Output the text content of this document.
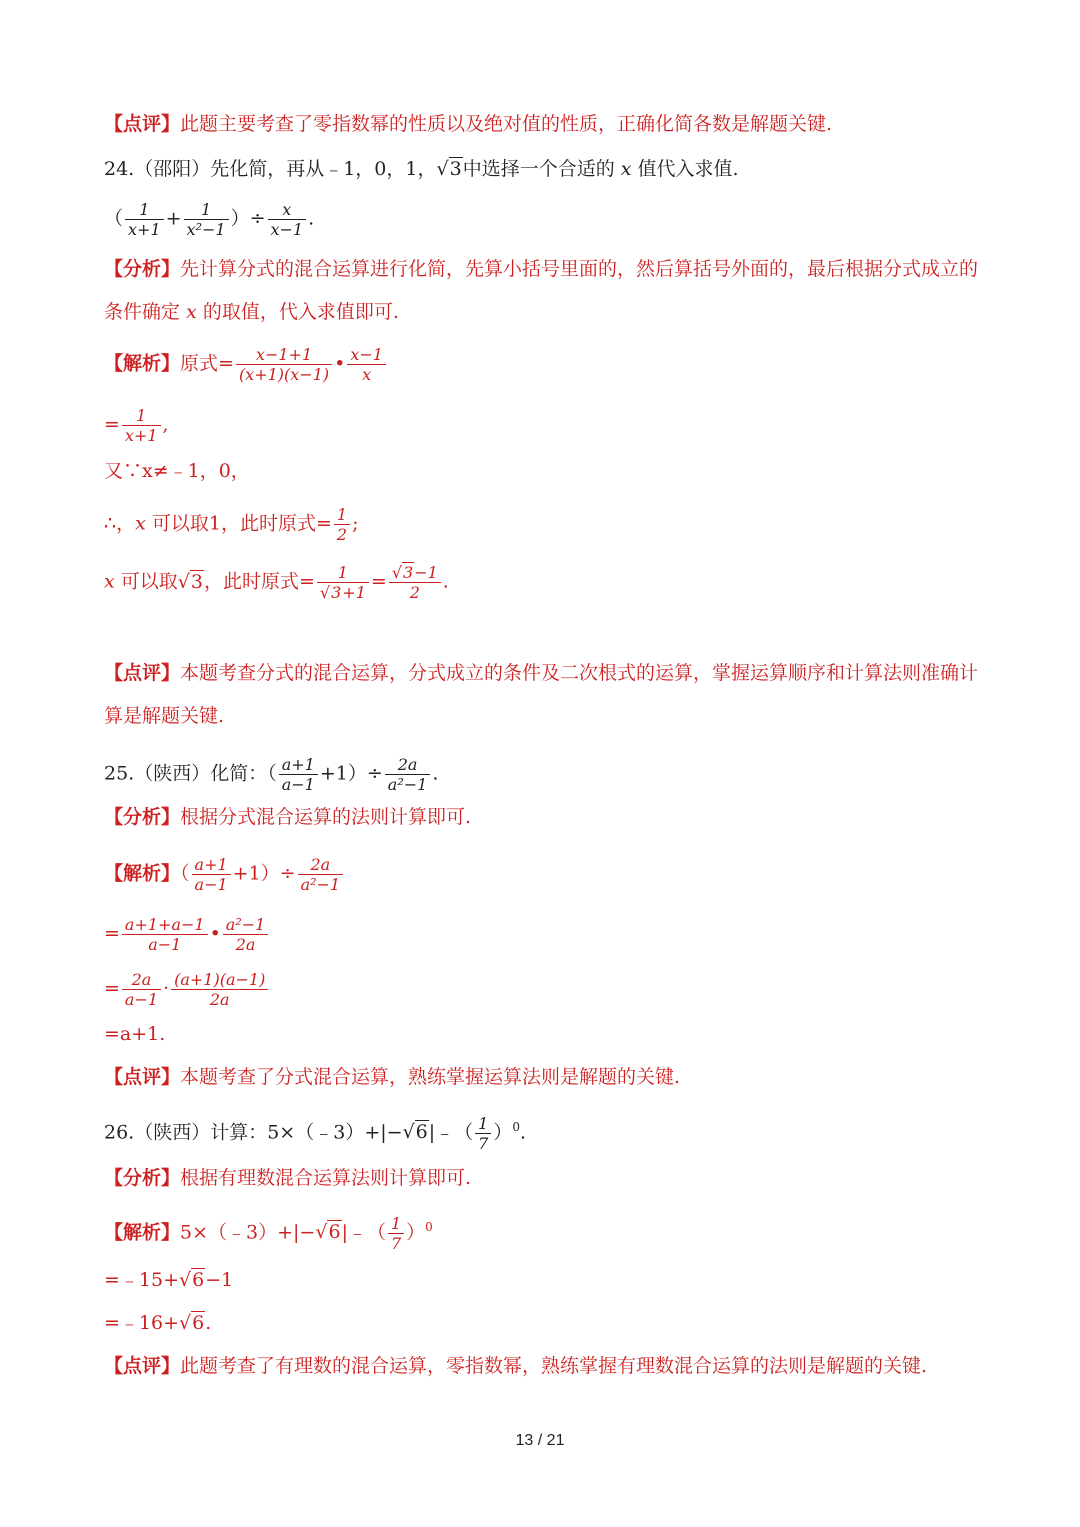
【点评】此题主要考查了零指数幂的性质以及绝对值的性质，正确化简各数是解题关键.
24.（邵阳）先化简，再从﹣1，0，1，√3中选择一个合适的 x 值代入求值.
（ $\frac{1}{x+1} + \frac{1}{\text{x²−1}}$ ）÷ $\frac{x}{x-1}$ .
【分析】先计算分式的混合运算进行化简，先算小括号里面的，然后算括号外面的，最后根据分式成立的
条件确定 x 的取值，代入求值即可.
【解析】原式= $\frac{x-1+1}{(x+1)(x-1)}$ • $\frac{x-1}{x}$
= $\frac{1}{x+1}$ ,
又∵x≠﹣1，0，
∴，x 可以取1，此时原式= $\frac{1}{2}$ ;
x 可以取√3，此时原式= $\frac{1}{√3+1} = \frac{√3-1}{2}$ .
【点评】本题考查分式的混合运算，分式成立的条件及二次根式的运算，掌握运算顺序和计算法则准确计
算是解题关键.
25.（陕西）化简：（ $\frac{a+1}{a-1} +1)\div \frac{2a}{\text{a²−1}}$ .
【分析】根据分式混合运算的法则计算即可.
【解析】（ $\frac{a+1}{a-1} +1)\div \frac{2a}{\text{a²−1}}$
= $\frac{a+1+a-1}{a-1}$ • $\frac{\text{a²−1}}{2a}$
= $\frac{2a}{a-1} \cdot \frac{(a+1)(a-1)}{2a}$
=a+1.
【点评】本题考查了分式混合运算，熟练掌握运算法则是解题的关键.
26.（陕西）计算：5×（﹣3）+|−√6|﹣（ $\frac{1}{7} )^0$.
【分析】根据有理数混合运算法则计算即可.
【解析】5×（﹣3）+|−√6|﹣（ $\frac{1}{7} )^0$
=﹣15+√6−1
=﹣16+√6.
【点评】此题考查了有理数的混合运算，零指数幂，熟练掌握有理数混合运算的法则是解题的关键.
13 / 21
